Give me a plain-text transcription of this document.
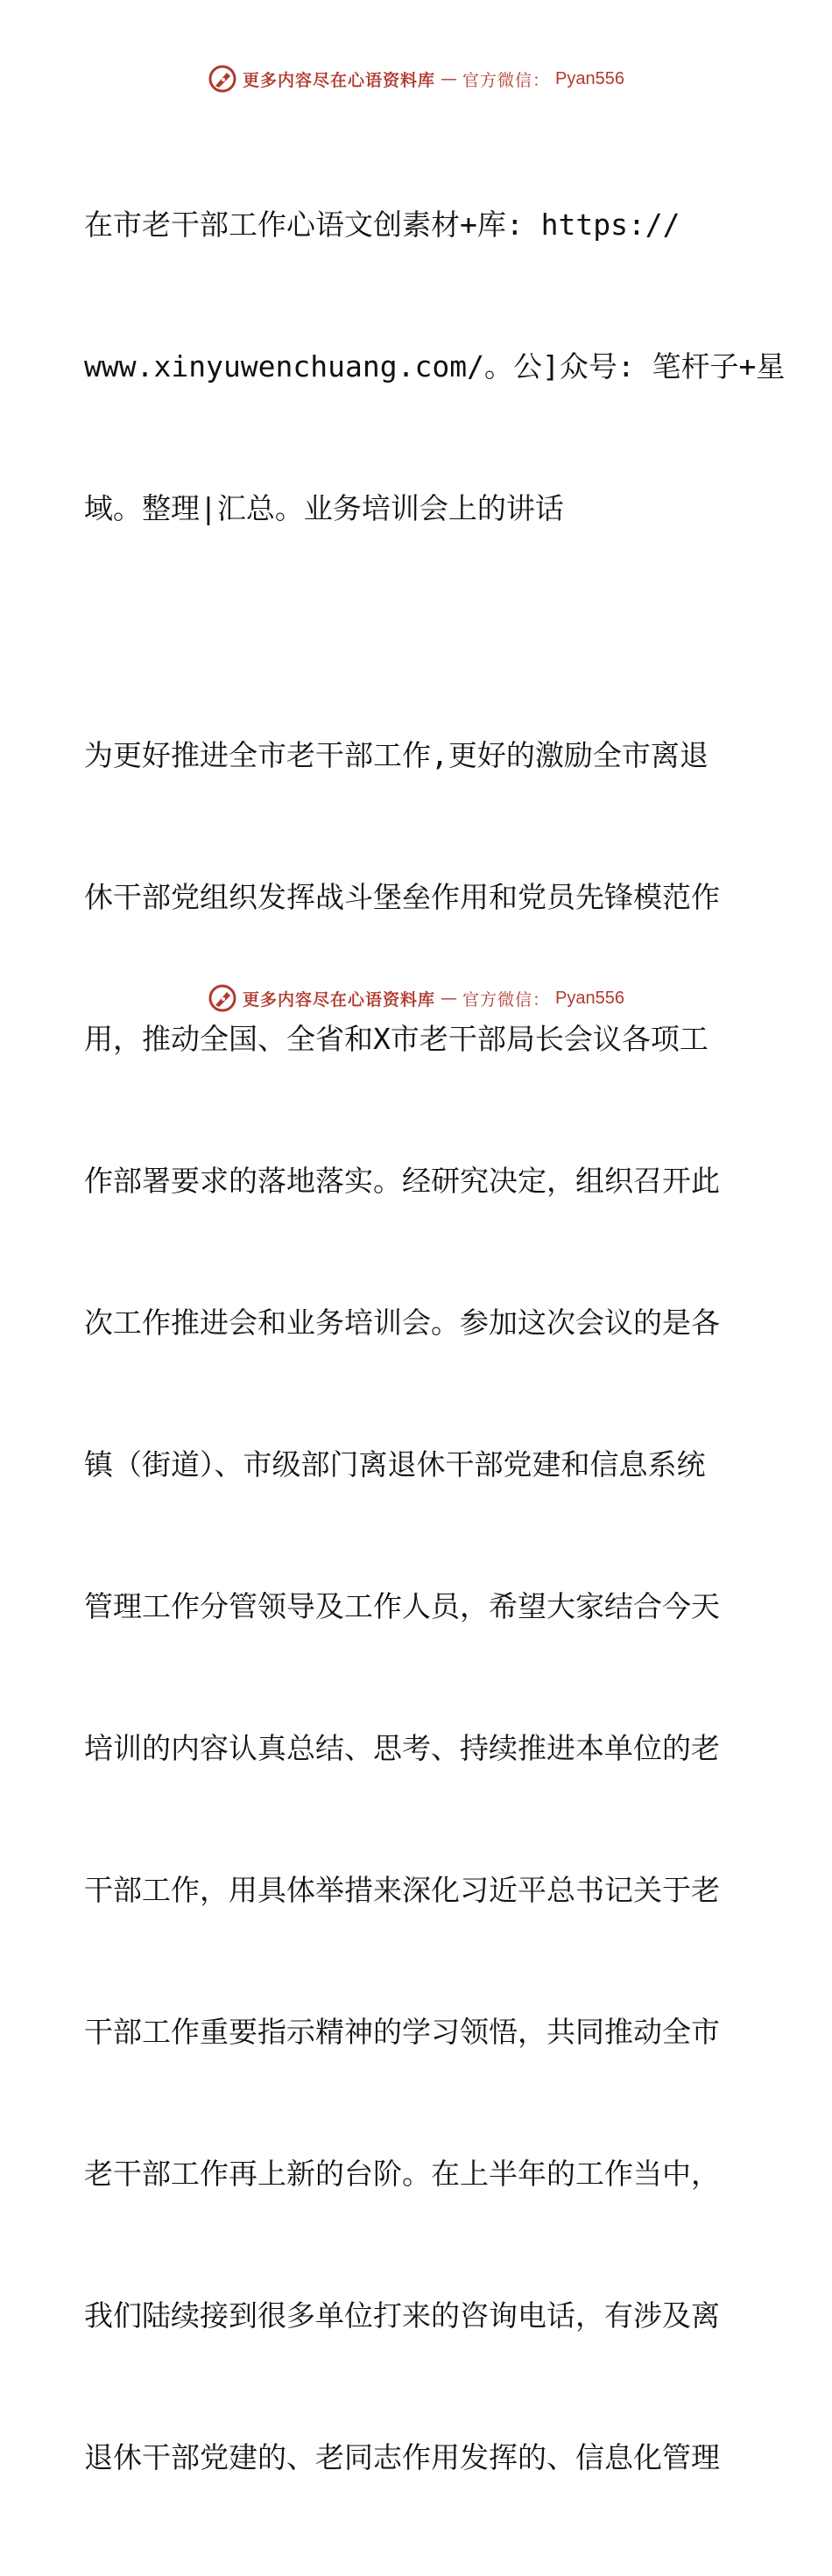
更多内容尽在心语资料库 — 官方微信： Pyan556

在市老干部工作心语文创素材+库: https://

www.xinyuwenchuang.com/。公]众号: 笔杆子+星

域。整理|汇总。业务培训会上的讲话

为更好推进全市老干部工作,更好的激励全市离退

休干部党组织发挥战斗堡垒作用和党员先锋模范作

用，推动全国、全省和X市老干部局长会议各项工

作部署要求的落地落实。经研究决定，组织召开此

次工作推进会和业务培训会。参加这次会议的是各

镇（街道）、市级部门离退休干部党建和信息系统

管理工作分管领导及工作人员，希望大家结合今天

培训的内容认真总结、思考、持续推进本单位的老

干部工作，用具体举措来深化习近平总书记关于老

干部工作重要指示精神的学习领悟，共同推动全市

老干部工作再上新的台阶。在上半年的工作当中，

我们陆续接到很多单位打来的咨询电话，有涉及离

退休干部党建的、老同志作用发挥的、信息化管理

更多内容尽在心语资料库 — 官方微信： Pyan556
